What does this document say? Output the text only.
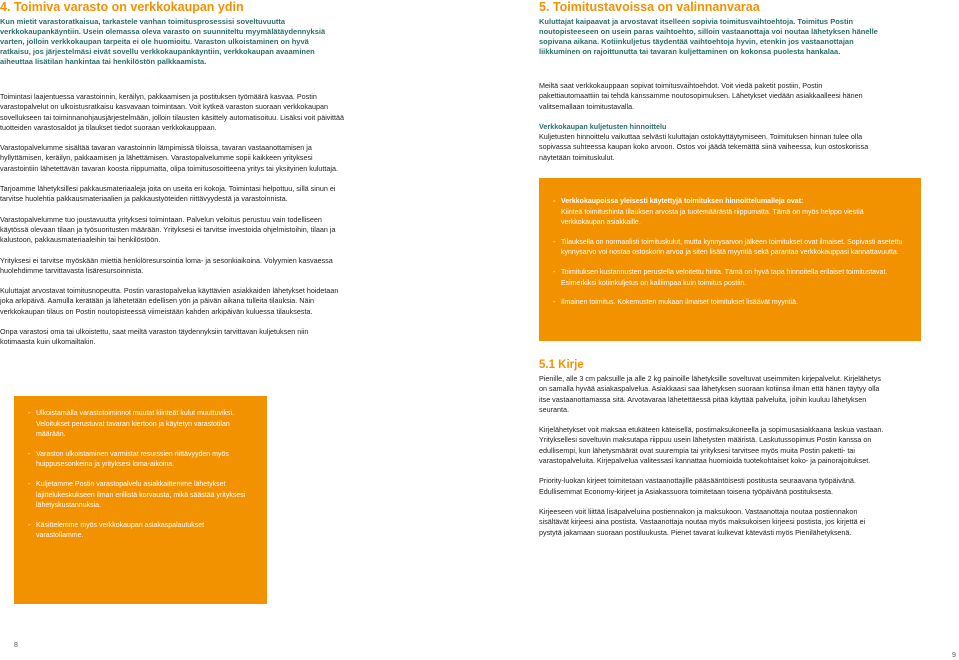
4. Toimiva varasto on verkkokaupan ydin
Kun mietit varastoratkaisua, tarkastele vanhan toimitusprosessisi soveltuvuutta verkkokaupankäyntiin. Usein olemassa oleva varasto on suunniteltu myymälätäydennyksiä varten, jolloin verkkokaupan tarpeita ei ole huomioitu. Varaston ulkoistaminen on hyvä ratkaisu, jos järjestelmäsi eivät sovellu verkkokaupankäyntiin, verkkokaupan avaaminen aiheuttaa lisätilan hankintaa tai henkilöstön palkkaamista.

Toimintasi laajentuessa varastoinnin, keräilyn, pakkaamisen ja postituksen työmäärä kasvaa. Postin varastopalvelut on ulkoistusratkaisu kasvavaan toimintaan. Voit kytkeä varaston suoraan verkkokaupan sovellukseen tai toiminnanohjausjärjestelmään, jolloin tilausten käsittely automatisoituu. Lisäksi voit päivittää tuotteiden varastosaldot ja tilaukset tiedot suoraan verkkokauppaan.

Varastopalvelumme sisältää tavaran varastoinnin lämpimissä tiloissa, tavaran vastaanottamisen ja hyllyttämisen, keräilyn, pakkaamisen ja lähettämisen. Varastopalvelumme sopii kaikkeen yrityksesi varastointiin lähetettävän tavaran koosta riippumatta, olipa toimitusosoitteena yritys tai yksityinen kuluttaja.

Tarjoamme lähetyksillesi pakkausmateriaaleja joita on useita eri kokoja. Toimintasi helpottuu, sillä sinun ei tarvitse huolehtia pakkausmateriaalien ja pakkaustyöteiden riittävyydestä ja varastoinnista.

Varastopalvelumme tuo joustavuutta yrityksesi toimintaan. Palvelun veloitus perustuu vain todelliseen käytössä olevaan tilaan ja työsuoritusten määrään. Yrityksesi ei tarvitse investoida ohjelmistoihin, tilaan ja kalustoon, pakkausmateriaaleihin tai henkilöstöön.

Yrityksesi ei tarvitse myöskään miettiä henkilöresursointia loma- ja sesonkiaikoina. Volyymien kasvaessa huolehdimme tarvittavasta lisäresursoinnista.

Kuluttajat arvostavat toimitusnopeutta. Postin varastopalvelua käyttävien asiakkaiden lähetykset hoidetaan joka arkipäivä. Aamulla kerätään ja lähetetään edellisen yön ja päivän aikana tulleita tilauksia. Näin verkkokaupan tilaus on Postin noutopisteessä viimeistään kahden arkipäivän kuluessa tilauksesta.

Onpa varastosi oma tai ulkoistettu, saat meiltä varaston täydennyksiin tarvittavan kuljetuksen niin kotimaasta kuin ulkomailtakin.

- Ulkoistamalla varastotoiminnot muutat kiinteät kulut muuttuviksi. Veloitukset perustuvat tavaran kiertoon ja käytetyn varastotilan määrään.
- Varaston ulkoistaminen varmistat resurssien riittävyyden myös huippusesonkeina ja yrityksesi loma-aikoina.
- Kuljetamme Postin varastopalvelu asiakkaittemme lähetykset lajittelukeskukseen ilman erillistä korvausta, mikä säästää yrityksesi lähetyskustannuksia.
- Käsittelemme myös verkkokaupan asiakaspalautukset varastollamme.
8
5. Toimitustavoissa on valinnanvaraa
Kuluttajat kaipaavat ja arvostavat itselleen sopivia toimitusvaihtoehtoja. Toimitus Postin noutopisteeseen on usein paras vaihtoehto, silloin vastaanottaja voi noutaa lähetyksen hänelle sopivana aikana. Kotiinkuljetus täydentää vaihtoehtoja hyvin, etenkin jos vastaanottajan liikkuminen on rajoittunutta tai tavaran kuljettaminen on kokonsa puolesta hankalaa.

Meiltä saat verkkokauppaan sopivat toimitusvaihtoehdot. Voit viedä paketit postiin, Postin pakettiautomaattiin tai tehdä kanssamme noutosopimuksen. Lähetykset viedään asiakkaalleesi hänen valitsemallaan toimitustavalla.

Verkkokaupan kuljetusten hinnoittelu

Kuljetusten hinnoittelu vaikuttaa selvästi kuluttajan ostokäyttäytymiseen. Toimituksen hinnan tulee olla sopivassa suhteessa kaupan koko arvoon. Ostos voi jäädä tekemättä siinä vaiheessa, kun ostoskorissa näytetään toimituskulut.

- Verkkokaupoissa yleisesti käytettyjä toimituksen hinnoittelumalleja ovat:
Kiinteä toimitushinta tilauksen arvosta ja tuotemäärästä riippumatta. Tämä on myös helppo viestiä verkkokaupan asiakkaille.
- Tilauksella on normaalisti toimituskulut, mutta kynnysarvon jälkeen toimitukset ovat ilmaiset. Sopivasti asetettu kynnysarvo voi nostaa ostoskorin arvoa ja siten lisätä myyntiä sekä parantaa verkkokauppasi kannattavuutta.
- Toimituksen kustannusten perustella veloitettu hinta. Tämä on hyvä tapa hinnoitella erilaiset toimitustavat. Esimerkiksi kotiinkuljetus on kalliimpaa kuin toimitus postiin.
- Ilmainen toimitus. Kokemusten mukaan ilmaiset toimitukset lisäävät myyntiä.
5.1 Kirje

Pienille, alle 3 cm paksuille ja alle 2 kg painoille lähetyksille soveltuvat useimmiten kirjepalvelut. Kirjelähetys on samalla hyvää asiakaspalvelua. Asiakkaasi saa lähetyksen suoraan kotiinsa ilman että hänen täytyy olla itse vastaanottamassa sitä. Arvotavaraa lähetettäessä pitää käyttää palveluita, joihin kuuluu lähetyksen seuranta.

Kirjelähetykset voit maksaa etukäteen käteisellä, postimaksukoneella ja sopimusasiakkaana laskua vastaan. Yrityksellesi soveltuvin maksutapa riippuu usein lähetysten määristä. Laskutussopimus Postin kanssa on edullisempi, kun lähetysmäärät ovat suurempia tai yrityksesi tarvitsee myös muita Postin paketti- tai varastopalveluita. Kirjepalvelua valitessasi kannattaa huomioida tuotekohtaiset koko- ja painorajoitukset.

Priority-luokan kirjeet toimitetaan vastaanottajille pääsääntöisesti postitusta seuraavana työpäivänä. Edullisemmat Economy-kirjeet ja Asiakassuora toimitetaan toisena työpäivänä postituksesta.

Kirjeeseen voit liittää lisäpalveluina postiennakon ja maksukoon. Vastaanottaja noutaa postiennakon sisältävät kirjeesi aina postista. Vastaanottaja noutaa myös maksukoisen kirjeesi postista, jos kirjettä ei pystytä jakamaan suoraan postiluukusta. Pienet tavarat kulkevat kätevästi myös Pienilähetyksenä.

9
